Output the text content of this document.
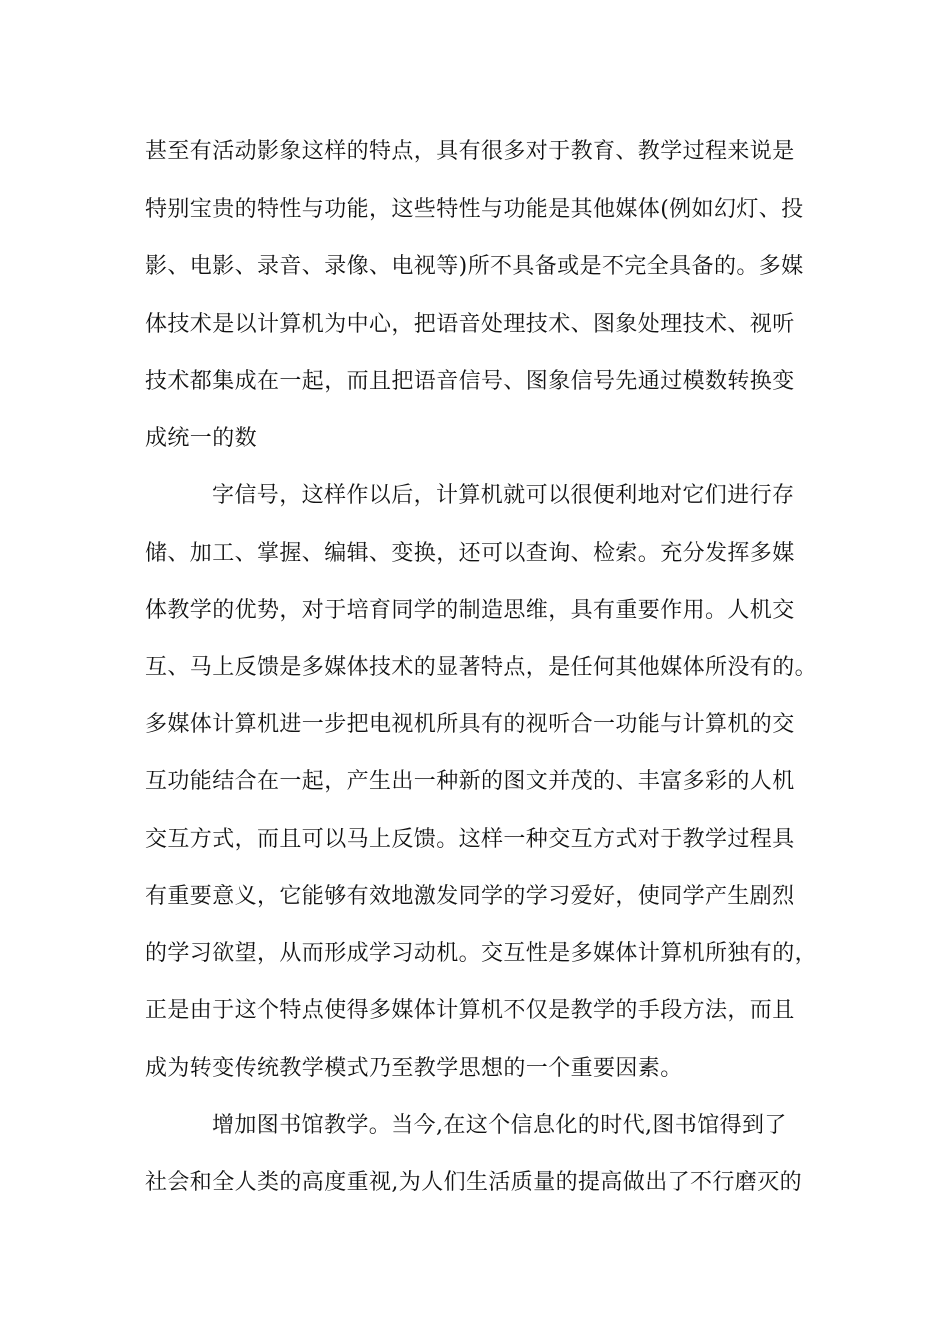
甚至有活动影象这样的特点，具有很多对于教育、教学过程来说是
特别宝贵的特性与功能，这些特性与功能是其他媒体(例如幻灯、投
影、电影、录音、录像、电视等)所不具备或是不完全具备的。多媒
体技术是以计算机为中心，把语音处理技术、图象处理技术、视听
技术都集成在一起，而且把语音信号、图象信号先通过模数转换变
成统一的数
字信号，这样作以后，计算机就可以很便利地对它们进行存
储、加工、掌握、编辑、变换，还可以查询、检索。充分发挥多媒
体教学的优势，对于培育同学的制造思维，具有重要作用。人机交
互、马上反馈是多媒体技术的显著特点，是任何其他媒体所没有的。
多媒体计算机进一步把电视机所具有的视听合一功能与计算机的交
互功能结合在一起，产生出一种新的图文并茂的、丰富多彩的人机
交互方式，而且可以马上反馈。这样一种交互方式对于教学过程具
有重要意义，它能够有效地激发同学的学习爱好，使同学产生剧烈
的学习欲望，从而形成学习动机。交互性是多媒体计算机所独有的，
正是由于这个特点使得多媒体计算机不仅是教学的手段方法，而且
成为转变传统教学模式乃至教学思想的一个重要因素。
增加图书馆教学。当今,在这个信息化的时代,图书馆得到了
社会和全人类的高度重视,为人们生活质量的提高做出了不行磨灭的
